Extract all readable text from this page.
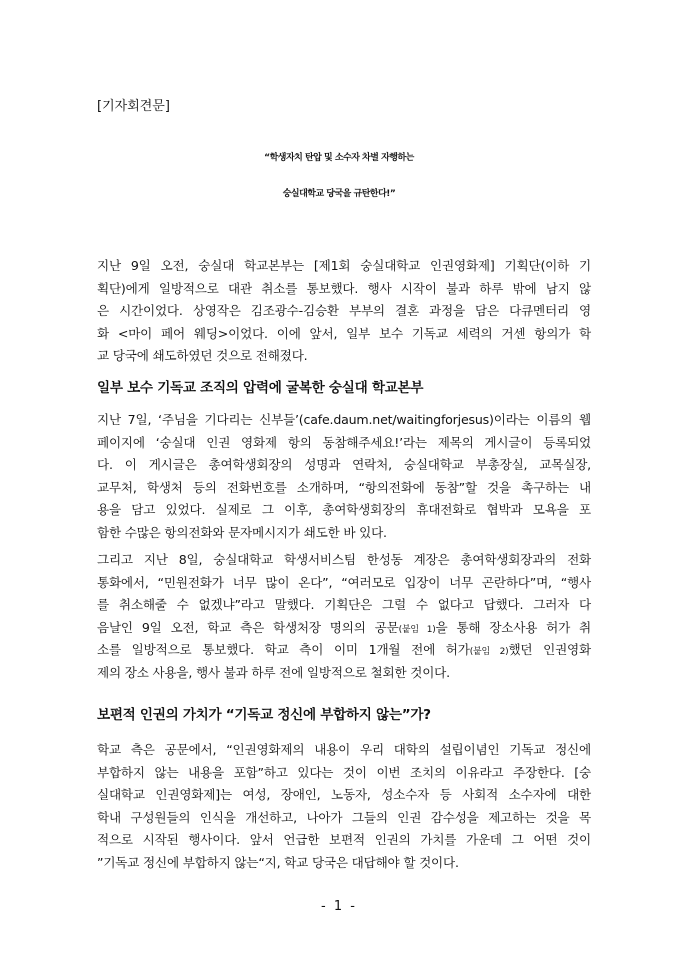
[기자회견문]
“학생자치 탄압 및 소수자 차별 자행하는
숭실대학교 당국을 규탄한다!”
지난 9일 오전, 숭실대 학교본부는 [제1회 숭실대학교 인권영화제] 기획단(이하 기
획단)에게 일방적으로 대관 취소를 통보했다. 행사 시작이 불과 하루 밖에 남지 않
은 시간이었다. 상영작은 김조광수-김승환 부부의 결혼 과정을 담은 다큐멘터리 영
화 <마이 페어 웨딩>이었다. 이에 앞서, 일부 보수 기독교 세력의 거센 항의가 학
교 당국에 쇄도하였던 것으로 전해졌다.
일부 보수 기독교 조직의 압력에 굴복한 숭실대 학교본부
지난 7일, ‘주님을 기다리는 신부들’(cafe.daum.net/waitingforjesus)이라는 이름의 웹
페이지에 ‘숭실대 인권 영화제 항의 동참해주세요!’라는 제목의 게시글이 등록되었
다. 이 게시글은 총여학생회장의 성명과 연락처, 숭실대학교 부총장실, 교목실장,
교무처, 학생처 등의 전화번호를 소개하며, “항의전화에 동참”할 것을 촉구하는 내
용을 담고 있었다. 실제로 그 이후, 총여학생회장의 휴대전화로 협박과 모욕을 포
함한 수많은 항의전화와 문자메시지가 쇄도한 바 있다.
그리고 지난 8일, 숭실대학교 학생서비스팀 한성동 계장은 총여학생회장과의 전화
통화에서, “민원전화가 너무 많이 온다”, “여러모로 입장이 너무 곤란하다”며, “행사
를 취소해줄 수 없겠냐”라고 말했다. 기획단은 그럴 수 없다고 답했다. 그러자 다
음날인 9일 오전, 학교 측은 학생처장 명의의 공문(붙임 1)을 통해 장소사용 허가 취
소를 일방적으로 통보했다. 학교 측이 이미 1개월 전에 허가(붙임 2)했던 인권영화
제의 장소 사용을, 행사 불과 하루 전에 일방적으로 철회한 것이다.
보편적 인권의 가치가 “기독교 정신에 부합하지 않는”가?
학교 측은 공문에서, “인권영화제의 내용이 우리 대학의 설립이념인 기독교 정신에
부합하지 않는 내용을 포함”하고 있다는 것이 이번 조치의 이유라고 주장한다. [숭
실대학교 인권영화제]는 여성, 장애인, 노동자, 성소수자 등 사회적 소수자에 대한
학내 구성원들의 인식을 개선하고, 나아가 그들의 인권 감수성을 제고하는 것을 목
적으로 시작된 행사이다. 앞서 언급한 보편적 인권의 가치를 가운데 그 어떤 것이
”기독교 정신에 부합하지 않는“지, 학교 당국은 대답해야 할 것이다.
- 1 -
